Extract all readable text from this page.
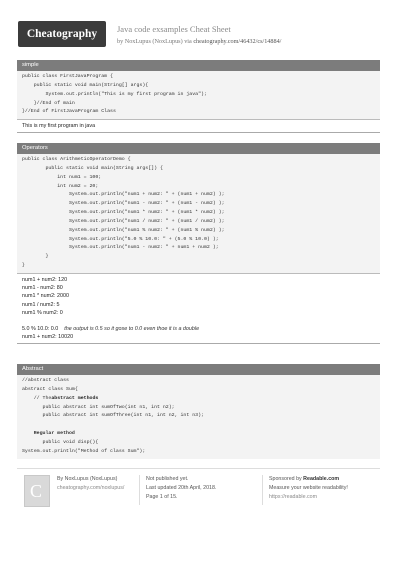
Cheatography	Java code exsamples Cheat Sheet
by NoxLupus (NoxLupus) via cheatography.com/46432/cs/14884/
simple
public class FirstJavaProgram {
public static void main(String[] args){
System.out.println("This is my first program in java");
}//End of main
}//End of FirstJavaProgram Class
This is my first program in java
Operators
public class ArithmeticOperatorDemo {
public static void main(String args[]) {
int num1 = 100;
int num2 = 20;
System.out.println("num1 + num2: " + (num1 + num2) );
System.out.println("num1 - num2: " + (num1 - num2) );
System.out.println("num1 * num2: " + (num1 * num2) );
System.out.println("num1 / num2: " + (num1 / num2) );
System.out.println("num1 % num2: " + (num1 % num2) );
System.out.println("5.0 % 10.0: " + (5.0 % 10.0) );
System.out.println("num1 - num2: " + num1 + num2 );
}
}
num1 + num2: 120
num1 - num2: 80
num1 * num2: 2000
num1 / num2: 5
num1 % num2: 0
5.0 % 10.0: 0.0 the output is 0.5 so it gose to 0.0 even thoe it is a double
num1 + num2: 10020
Abstract
//abstract class
abstract class Sum{
// Theabstract methods
public abstract int sumOfTwo(int n1, int n2);
public abstract int sumOfThree(int n1, int n2, int n3);
Regular method
public void disp(){
System.out.println("Method of class Sum");
C
By NoxLupus (NoxLupus)
cheatography.com/noxlupus/
Not published yet.
Last updated 20th April, 2018.
Page 1 of 15.
Sponsored by Readable.com
Measure your website readability!
https://readable.com
